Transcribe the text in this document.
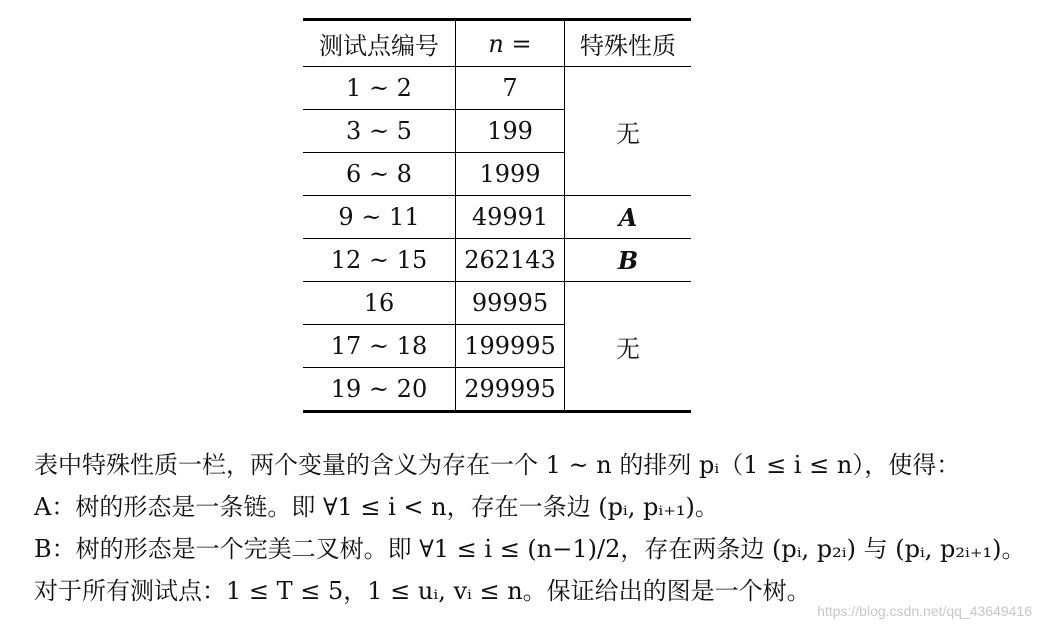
测试点编号	n =	特殊性质
1 ~ 2	7	无
3 ~ 5	199	
6 ~ 8	1999	
9 ~ 11	49991	A
12 ~ 15	262143	B
16	99995	无
17 ~ 18	199995	
19 ~ 20	299995	
表中特殊性质一栏，两个变量的含义为存在一个 1 ~ n 的排列 pᵢ（1 ≤ i ≤ n），使得：
A：树的形态是一条链。即 ∀1 ≤ i < n，存在一条边 (pᵢ, pᵢ₊₁)。
B：树的形态是一个完美二叉树。即 ∀1 ≤ i ≤ (n−1)/2，存在两条边 (pᵢ, p₂ᵢ) 与 (pᵢ, p₂ᵢ₊₁)。
对于所有测试点：1 ≤ T ≤ 5，1 ≤ uᵢ, vᵢ ≤ n。保证给出的图是一个树。
https://blog.csdn.net/qq_43649416
